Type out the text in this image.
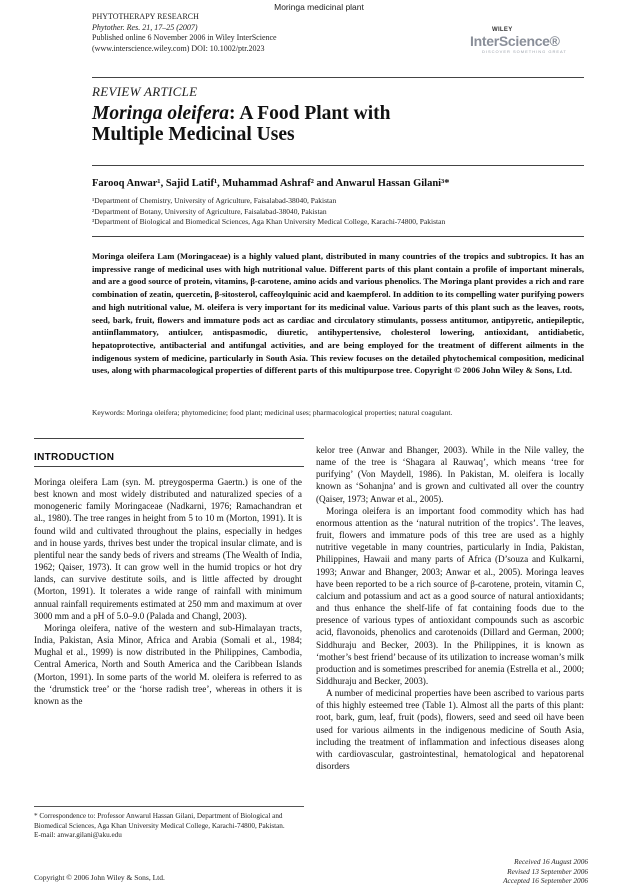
Moringa medicinal plant
PHYTOTHERAPY RESEARCH
Phytother. Res. 21, 17–25 (2007)
Published online 6 November 2006 in Wiley InterScience
(www.interscience.wiley.com) DOI: 10.1002/ptr.2023
WILEY
InterScience®
DISCOVER SOMETHING GREAT
REVIEW ARTICLE
Moringa oleifera: A Food Plant with
Multiple Medicinal Uses
Farooq Anwar¹, Sajid Latif¹, Muhammad Ashraf² and Anwarul Hassan Gilani³*
¹Department of Chemistry, University of Agriculture, Faisalabad-38040, Pakistan
²Department of Botany, University of Agriculture, Faisalabad-38040, Pakistan
³Department of Biological and Biomedical Sciences, Aga Khan University Medical College, Karachi-74800, Pakistan
Moringa oleifera Lam (Moringaceae) is a highly valued plant, distributed in many countries of the tropics and subtropics. It has an impressive range of medicinal uses with high nutritional value. Different parts of this plant contain a profile of important minerals, and are a good source of protein, vitamins, β-carotene, amino acids and various phenolics. The Moringa plant provides a rich and rare combination of zeatin, quercetin, β-sitosterol, caffeoylquinic acid and kaempferol. In addition to its compelling water purifying powers and high nutritional value, M. oleifera is very important for its medicinal value. Various parts of this plant such as the leaves, roots, seed, bark, fruit, flowers and immature pods act as cardiac and circulatory stimulants, possess antitumor, antipyretic, antiepileptic, antiinflammatory, antiulcer, antispasmodic, diuretic, antihypertensive, cholesterol lowering, antioxidant, antidiabetic, hepatoprotective, antibacterial and antifungal activities, and are being employed for the treatment of different ailments in the indigenous system of medicine, particularly in South Asia. This review focuses on the detailed phytochemical composition, medicinal uses, along with pharmacological properties of different parts of this multipurpose tree. Copyright © 2006 John Wiley & Sons, Ltd.
Keywords: Moringa oleifera; phytomedicine; food plant; medicinal uses; pharmacological properties; natural coagulant.
INTRODUCTION

Moringa oleifera Lam (syn. M. ptreygosperma Gaertn.) is one of the best known and most widely distributed and naturalized species of a monogeneric family Moringaceae (Nadkarni, 1976; Ramachandran et al., 1980). The tree ranges in height from 5 to 10 m (Morton, 1991). It is found wild and cultivated throughout the plains, especially in hedges and in house yards, thrives best under the tropical insular climate, and is plentiful near the sandy beds of rivers and streams (The Wealth of India, 1962; Qaiser, 1973). It can grow well in the humid tropics or hot dry lands, can survive destitute soils, and is little affected by drought (Morton, 1991). It tolerates a wide range of rainfall with minimum annual rainfall requirements estimated at 250 mm and maximum at over 3000 mm and a pH of 5.0–9.0 (Palada and Changl, 2003).

Moringa oleifera, native of the western and sub-Himalayan tracts, India, Pakistan, Asia Minor, Africa and Arabia (Somali et al., 1984; Mughal et al., 1999) is now distributed in the Philippines, Cambodia, Central America, North and South America and the Caribbean Islands (Morton, 1991). In some parts of the world M. oleifera is referred to as the ‘drumstick tree’ or the ‘horse radish tree’, whereas in others it is known as the

kelor tree (Anwar and Bhanger, 2003). While in the Nile valley, the name of the tree is ‘Shagara al Rauwaq’, which means ‘tree for purifying’ (Von Maydell, 1986). In Pakistan, M. oleifera is locally known as ‘Sohanjna’ and is grown and cultivated all over the country (Qaiser, 1973; Anwar et al., 2005).

Moringa oleifera is an important food commodity which has had enormous attention as the ‘natural nutrition of the tropics’. The leaves, fruit, flowers and immature pods of this tree are used as a highly nutritive vegetable in many countries, particularly in India, Pakistan, Philippines, Hawaii and many parts of Africa (D’souza and Kulkarni, 1993; Anwar and Bhanger, 2003; Anwar et al., 2005). Moringa leaves have been reported to be a rich source of β-carotene, protein, vitamin C, calcium and potassium and act as a good source of natural antioxidants; and thus enhance the shelf-life of fat containing foods due to the presence of various types of antioxidant compounds such as ascorbic acid, flavonoids, phenolics and carotenoids (Dillard and German, 2000; Siddhuraju and Becker, 2003). In the Philippines, it is known as ‘mother’s best friend’ because of its utilization to increase woman’s milk production and is sometimes prescribed for anemia (Estrella et al., 2000; Siddhuraju and Becker, 2003).

A number of medicinal properties have been ascribed to various parts of this highly esteemed tree (Table 1). Almost all the parts of this plant: root, bark, gum, leaf, fruit (pods), flowers, seed and seed oil have been used for various ailments in the indigenous medicine of South Asia, including the treatment of inflammation and infectious diseases along with cardiovascular, gastrointestinal, hematological and hepatorenal disorders

* Correspondence to: Professor Anwarul Hassan Gilani, Department of Biological and Biomedical Sciences, Aga Khan University Medical College, Karachi-74800, Pakistan.
E-mail: anwar.gilani@aku.edu
Copyright © 2006 John Wiley & Sons, Ltd.
Received 16 August 2006
Revised 13 September 2006
Accepted 16 September 2006
